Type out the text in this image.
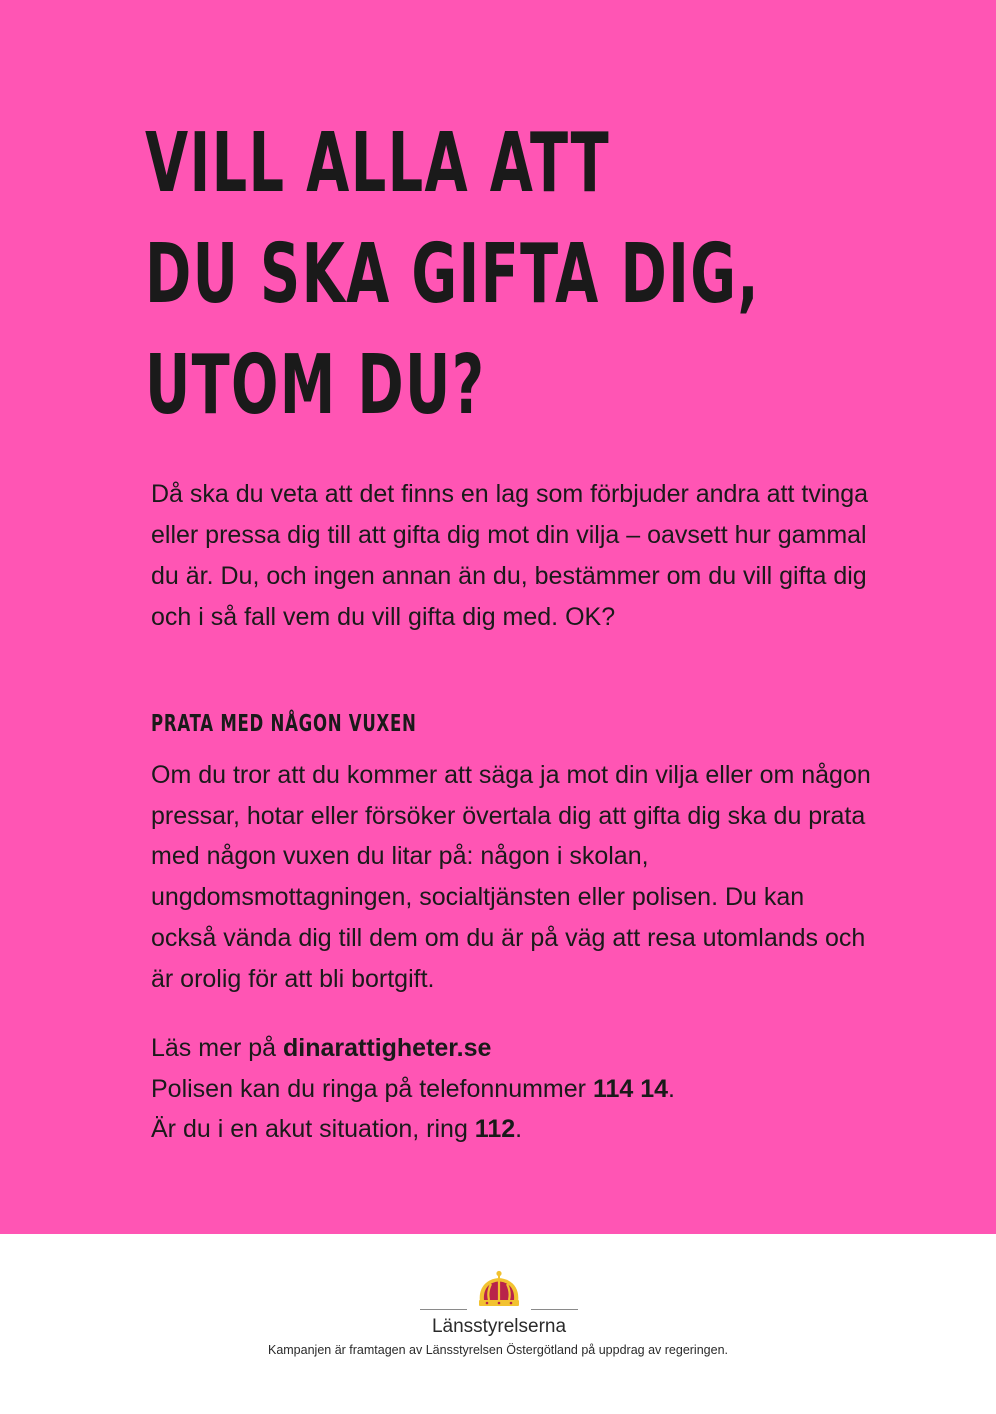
VILL ALLA ATT
DU SKA GIFTA DIG,
UTOM DU?

Då ska du veta att det finns en lag som förbjuder andra att tvinga eller pressa dig till att gifta dig mot din vilja – oavsett hur gammal du är. Du, och ingen annan än du, bestämmer om du vill gifta dig och i så fall vem du vill gifta dig med. OK?

PRATA MED NÅGON VUXEN

Om du tror att du kommer att säga ja mot din vilja eller om någon pressar, hotar eller försöker övertala dig att gifta dig ska du prata med någon vuxen du litar på: någon i skolan, ungdomsmottagningen, socialtjänsten eller polisen. Du kan också vända dig till dem om du är på väg att resa utomlands och är orolig för att bli bortgift.

Läs mer på dinarattigheter.se
Polisen kan du ringa på telefonnummer 114 14.
Är du i en akut situation, ring 112.
Länsstyrelserna
Kampanjen är framtagen av Länsstyrelsen Östergötland på uppdrag av regeringen.
